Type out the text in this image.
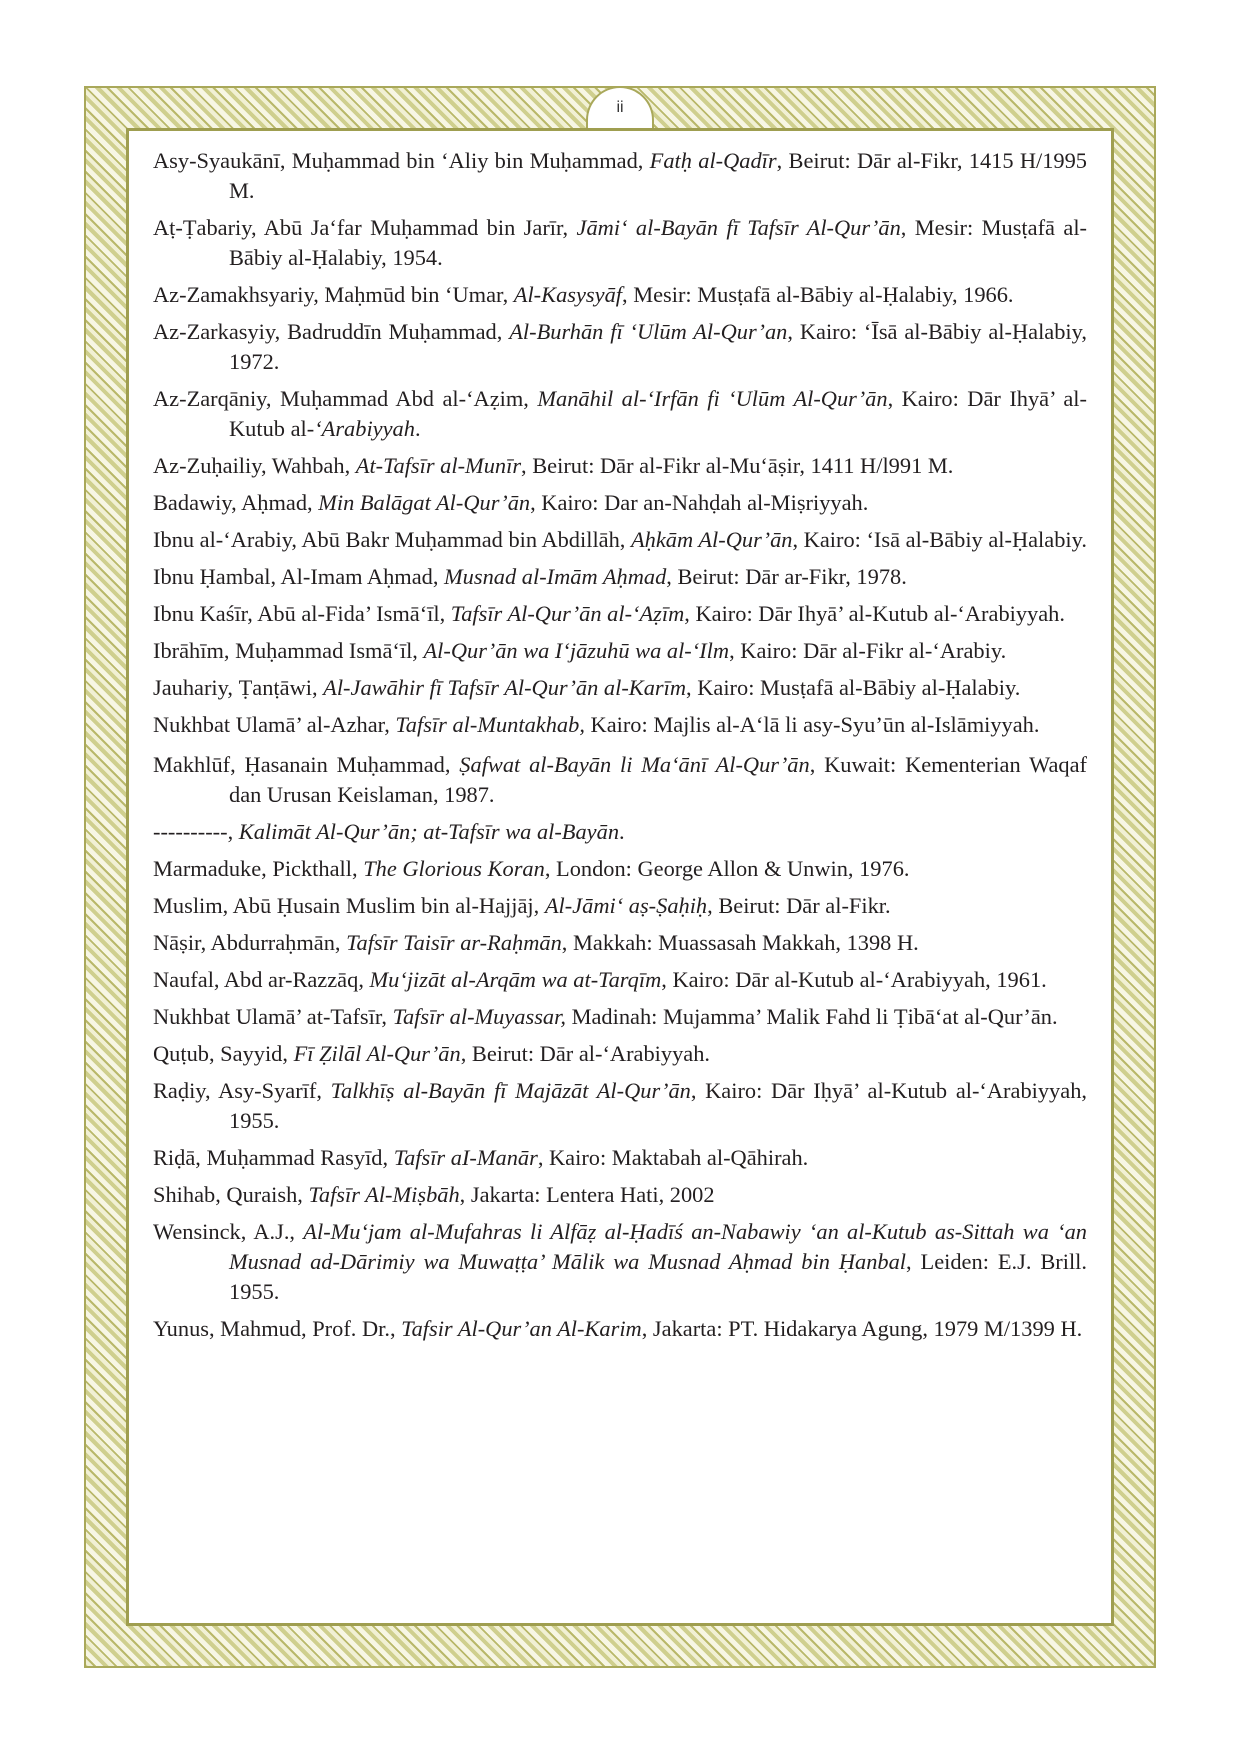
ii
Asy-Syaukānī, Muḥammad bin ‘Aliy bin Muḥammad, Fatḥ al-Qadīr, Beirut: Dār al-Fikr, 1415 H/1995 M.
Aṭ-Ṭabariy, Abū Ja‘far Muḥammad bin Jarīr, Jāmi‘ al-Bayān fī Tafsīr Al-Qur’ān, Mesir: Musṭafā al-Bābiy al-Ḥalabiy, 1954.
Az-Zamakhsyariy, Maḥmūd bin ‘Umar, Al-Kasysyāf, Mesir: Musṭafā al-Bābiy al-Ḥalabiy, 1966.
Az-Zarkasyiy, Badruddīn Muḥammad, Al-Burhān fī ‘Ulūm Al-Qur’an, Kairo: ‘Īsā al-Bābiy al-Ḥalabiy, 1972.
Az-Zarqāniy, Muḥammad Abd al-‘Aẓim, Manāhil al-‘Irfān fi ‘Ulūm Al-Qur’ān, Kairo: Dār Ihyā’ al-Kutub al-‘Arabiyyah.
Az-Zuḥailiy, Wahbah, At-Tafsīr al-Munīr, Beirut: Dār al-Fikr al-Mu‘āṣir, 1411 H/l991 M.
Badawiy, Aḥmad, Min Balāgat Al-Qur’ān, Kairo: Dar an-Nahḍah al-Miṣriyyah.
Ibnu al-‘Arabiy, Abū Bakr Muḥammad bin Abdillāh, Aḥkām Al-Qur’ān, Kairo: ‘Isā al-Bābiy al-Ḥalabiy.
Ibnu Ḥambal, Al-Imam Aḥmad, Musnad al-Imām Aḥmad, Beirut: Dār ar-Fikr, 1978.
Ibnu Kaśīr, Abū al-Fida’ Ismā‘īl, Tafsīr Al-Qur’ān al-‘Aẓīm, Kairo: Dār Ihyā’ al-Kutub al-‘Arabiyyah.
Ibrāhīm, Muḥammad Ismā‘īl, Al-Qur’ān wa I‘jāzuhū wa al-‘Ilm, Kairo: Dār al-Fikr al-‘Arabiy.
Jauhariy, Ṭanṭāwi, Al-Jawāhir fī Tafsīr Al-Qur’ān al-Karīm, Kairo: Musṭafā al-Bābiy al-Ḥalabiy.
Nukhbat Ulamā’ al-Azhar, Tafsīr al-Muntakhab, Kairo: Majlis al-A‘lā li asy-Syu’ūn al-Islāmiyyah.
Makhlūf, Ḥasanain Muḥammad, Ṣafwat al-Bayān li Ma‘ānī Al-Qur’ān, Kuwait: Kementerian Waqaf dan Urusan Keislaman, 1987.
----------, Kalimāt Al-Qur’ān; at-Tafsīr wa al-Bayān.
Marmaduke, Pickthall, The Glorious Koran, London: George Allon & Unwin, 1976.
Muslim, Abū Ḥusain Muslim bin al-Hajjāj, Al-Jāmi‘ aṣ-Ṣaḥiḥ, Beirut: Dār al-Fikr.
Nāṣir, Abdurraḥmān, Tafsīr Taisīr ar-Raḥmān, Makkah: Muassasah Makkah, 1398 H.
Naufal, Abd ar-Razzāq, Mu‘jizāt al-Arqām wa at-Tarqīm, Kairo: Dār al-Kutub al-‘Arabiyyah, 1961.
Nukhbat Ulamā’ at-Tafsīr, Tafsīr al-Muyassar, Madinah: Mujamma’ Malik Fahd li Ṭibā‘at al-Qur’ān.
Quṭub, Sayyid, Fī Ẓilāl Al-Qur’ān, Beirut: Dār al-‘Arabiyyah.
Raḍiy, Asy-Syarīf, Talkhīṣ al-Bayān fī Majāzāt Al-Qur’ān, Kairo: Dār Iḥyā’ al-Kutub al-‘Arabiyyah, 1955.
Riḍā, Muḥammad Rasyīd, Tafsīr aI-Manār, Kairo: Maktabah al-Qāhirah.
Shihab, Quraish, Tafsīr Al-Miṣbāh, Jakarta: Lentera Hati, 2002
Wensinck, A.J., Al-Mu‘jam al-Mufahras li Alfāẓ al-Ḥadīś an-Nabawiy ‘an al-Kutub as-Sittah wa ‘an Musnad ad-Dārimiy wa Muwaṭṭa’ Mālik wa Musnad Aḥmad bin Ḥanbal, Leiden: E.J. Brill. 1955.
Yunus, Mahmud, Prof. Dr., Tafsir Al-Qur’an Al-Karim, Jakarta: PT. Hidakarya Agung, 1979 M/1399 H.
